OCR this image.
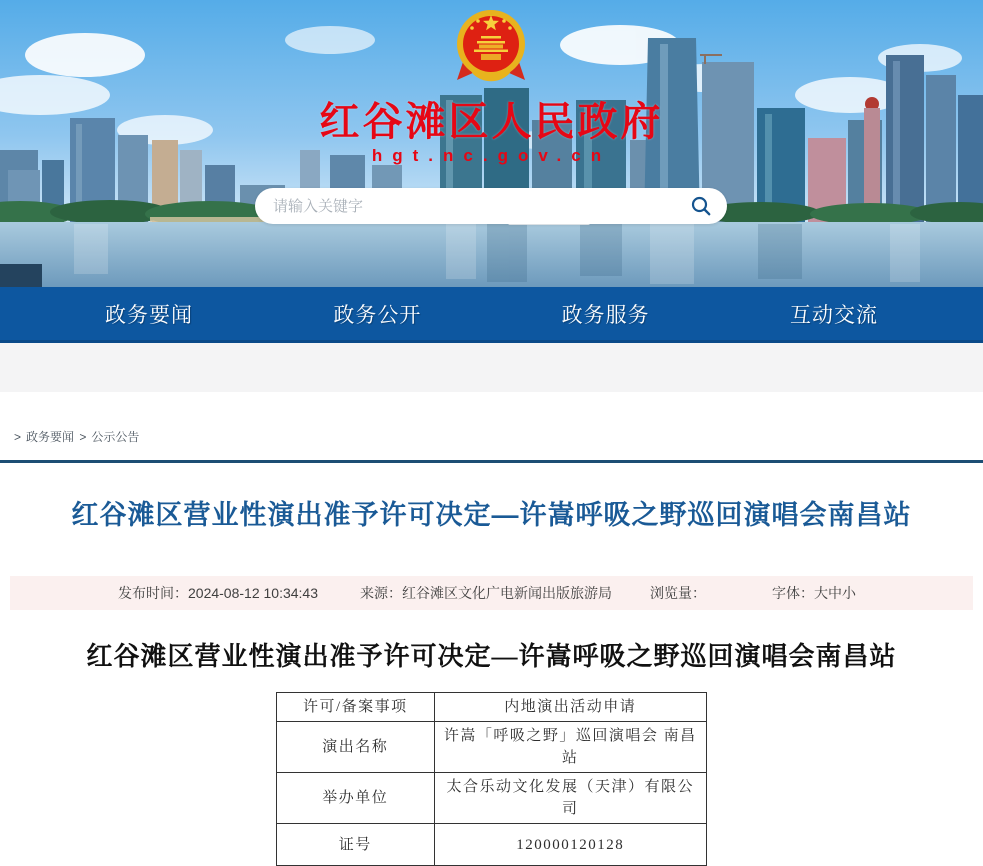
红谷滩区人民政府
hgt.nc.gov.cn
请输入关键字
政务要闻	政务公开	政务服务	互动交流
> 政务要闻 > 公示公告
红谷滩区营业性演出准予许可决定—许嵩呼吸之野巡回演唱会南昌站
发布时间：2024-08-12 10:34:43	来源：红谷滩区文化广电新闻出版旅游局	浏览量：	字体：大中小
红谷滩区营业性演出准予许可决定—许嵩呼吸之野巡回演唱会南昌站
许可/备案事项	内地演出活动申请
演出名称	许嵩「呼吸之野」巡回演唱会 南昌站
举办单位	太合乐动文化发展（天津）有限公司
证号	120000120128
